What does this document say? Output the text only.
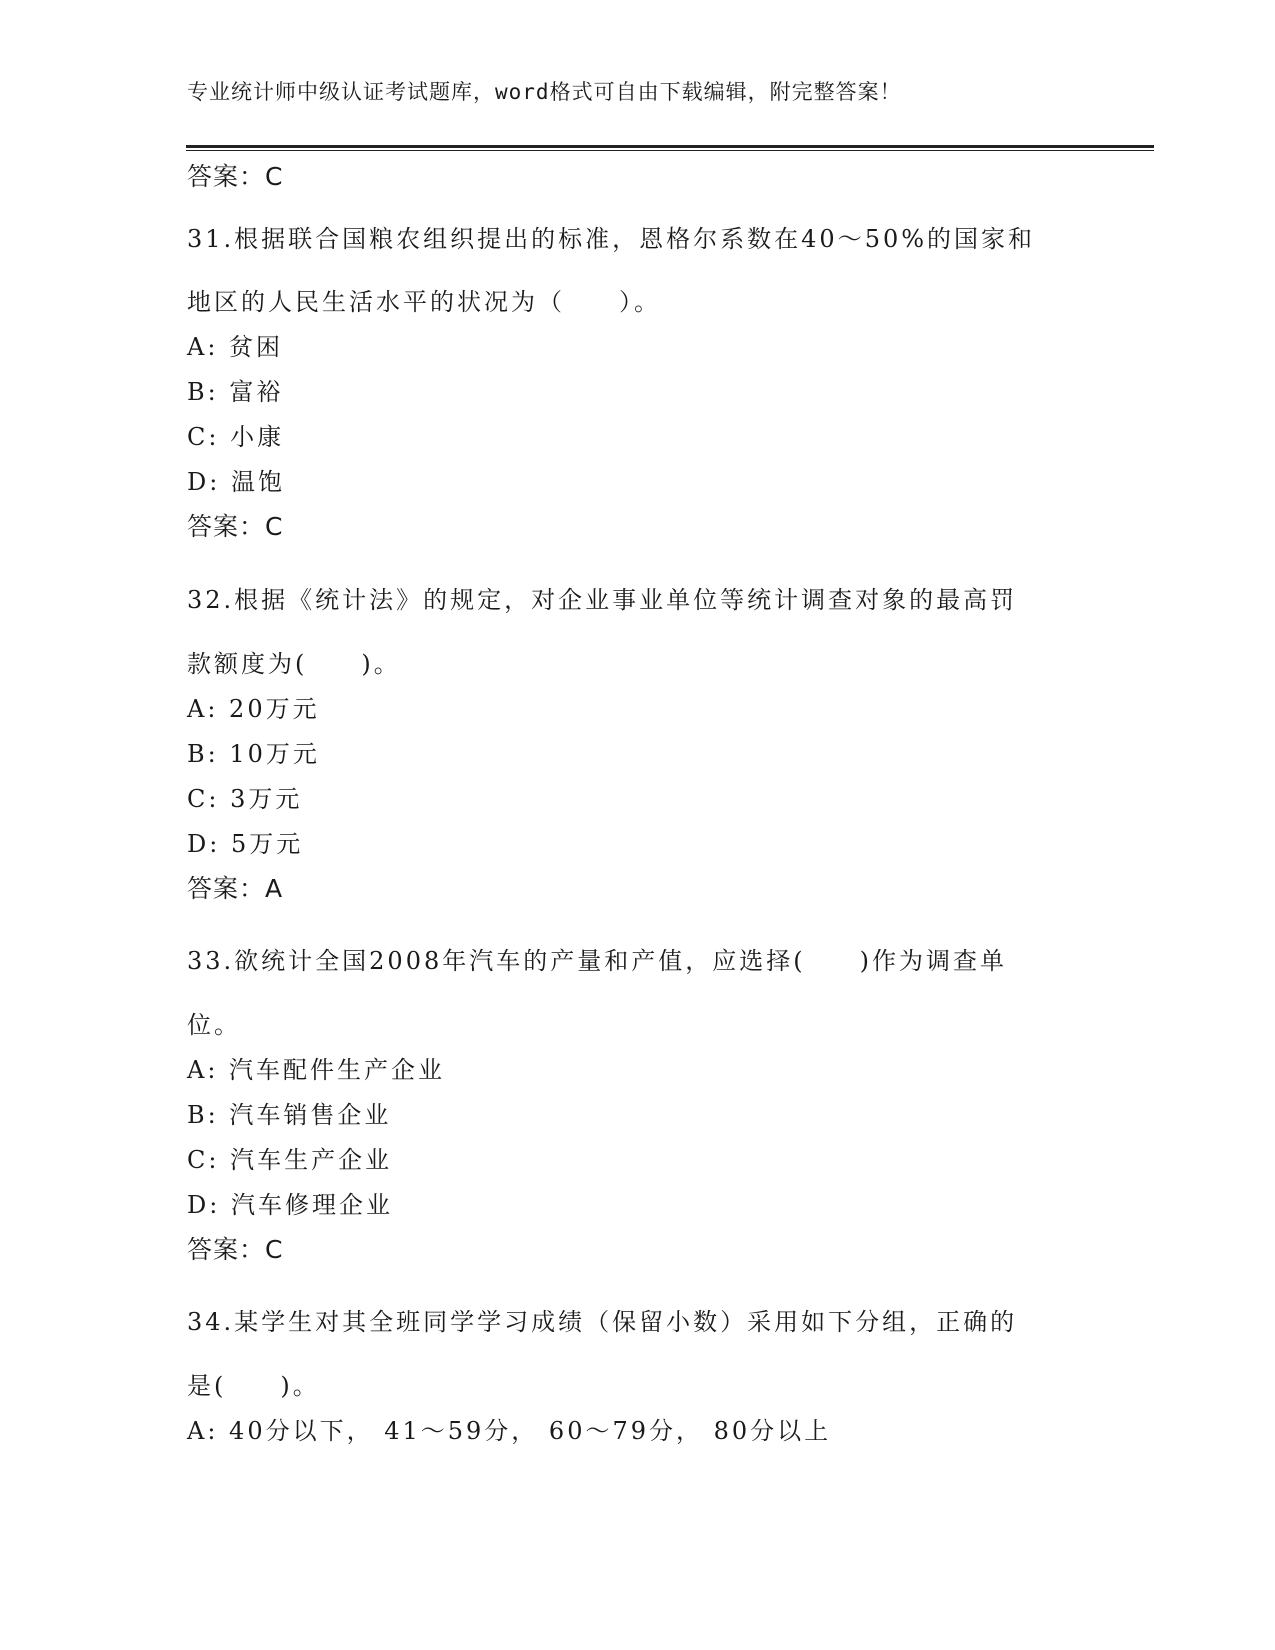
专业统计师中级认证考试题库，word格式可自由下载编辑，附完整答案！
答案：C
31.根据联合国粮农组织提出的标准，恩格尔系数在40～50%的国家和
地区的人民生活水平的状况为（　　）。
A: 贫困
B: 富裕
C: 小康
D: 温饱
答案：C
32.根据《统计法》的规定，对企业事业单位等统计调查对象的最高罚
款额度为(　　)。
A: 20万元
B: 10万元
C: 3万元
D: 5万元
答案：A
33.欲统计全国2008年汽车的产量和产值，应选择(　　)作为调查单
位。
A: 汽车配件生产企业
B: 汽车销售企业
C: 汽车生产企业
D: 汽车修理企业
答案：C
34.某学生对其全班同学学习成绩（保留小数）采用如下分组，正确的
是(　　)。
A: 40分以下， 41～59分， 60～79分， 80分以上
